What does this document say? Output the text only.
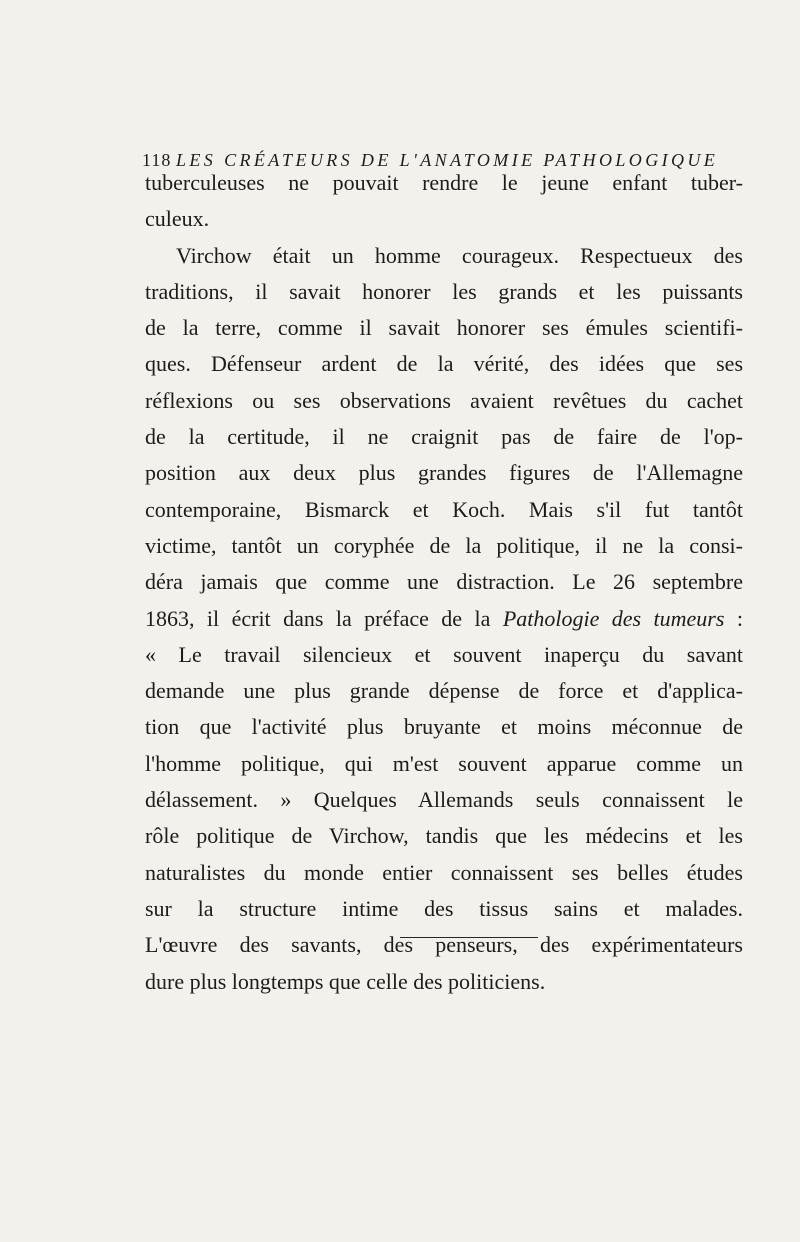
118 LES CRÉATEURS DE L'ANATOMIE PATHOLOGIQUE
tuberculeuses ne pouvait rendre le jeune enfant tuber-
culeux.
Virchow était un homme courageux. Respectueux des
traditions, il savait honorer les grands et les puissants
de la terre, comme il savait honorer ses émules scientifi-
ques. Défenseur ardent de la vérité, des idées que ses
réflexions ou ses observations avaient revêtues du cachet
de la certitude, il ne craignit pas de faire de l'op-
position aux deux plus grandes figures de l'Allemagne
contemporaine, Bismarck et Koch. Mais s'il fut tantôt
victime, tantôt un coryphée de la politique, il ne la consi-
déra jamais que comme une distraction. Le 26 septembre
1863, il écrit dans la préface de la Pathologie des tumeurs :
« Le travail silencieux et souvent inaperçu du savant
demande une plus grande dépense de force et d'applica-
tion que l'activité plus bruyante et moins méconnue de
l'homme politique, qui m'est souvent apparue comme un
délassement. » Quelques Allemands seuls connaissent le
rôle politique de Virchow, tandis que les médecins et les
naturalistes du monde entier connaissent ses belles études
sur la structure intime des tissus sains et malades.
L'œuvre des savants, des penseurs, des expérimentateurs
dure plus longtemps que celle des politiciens.
